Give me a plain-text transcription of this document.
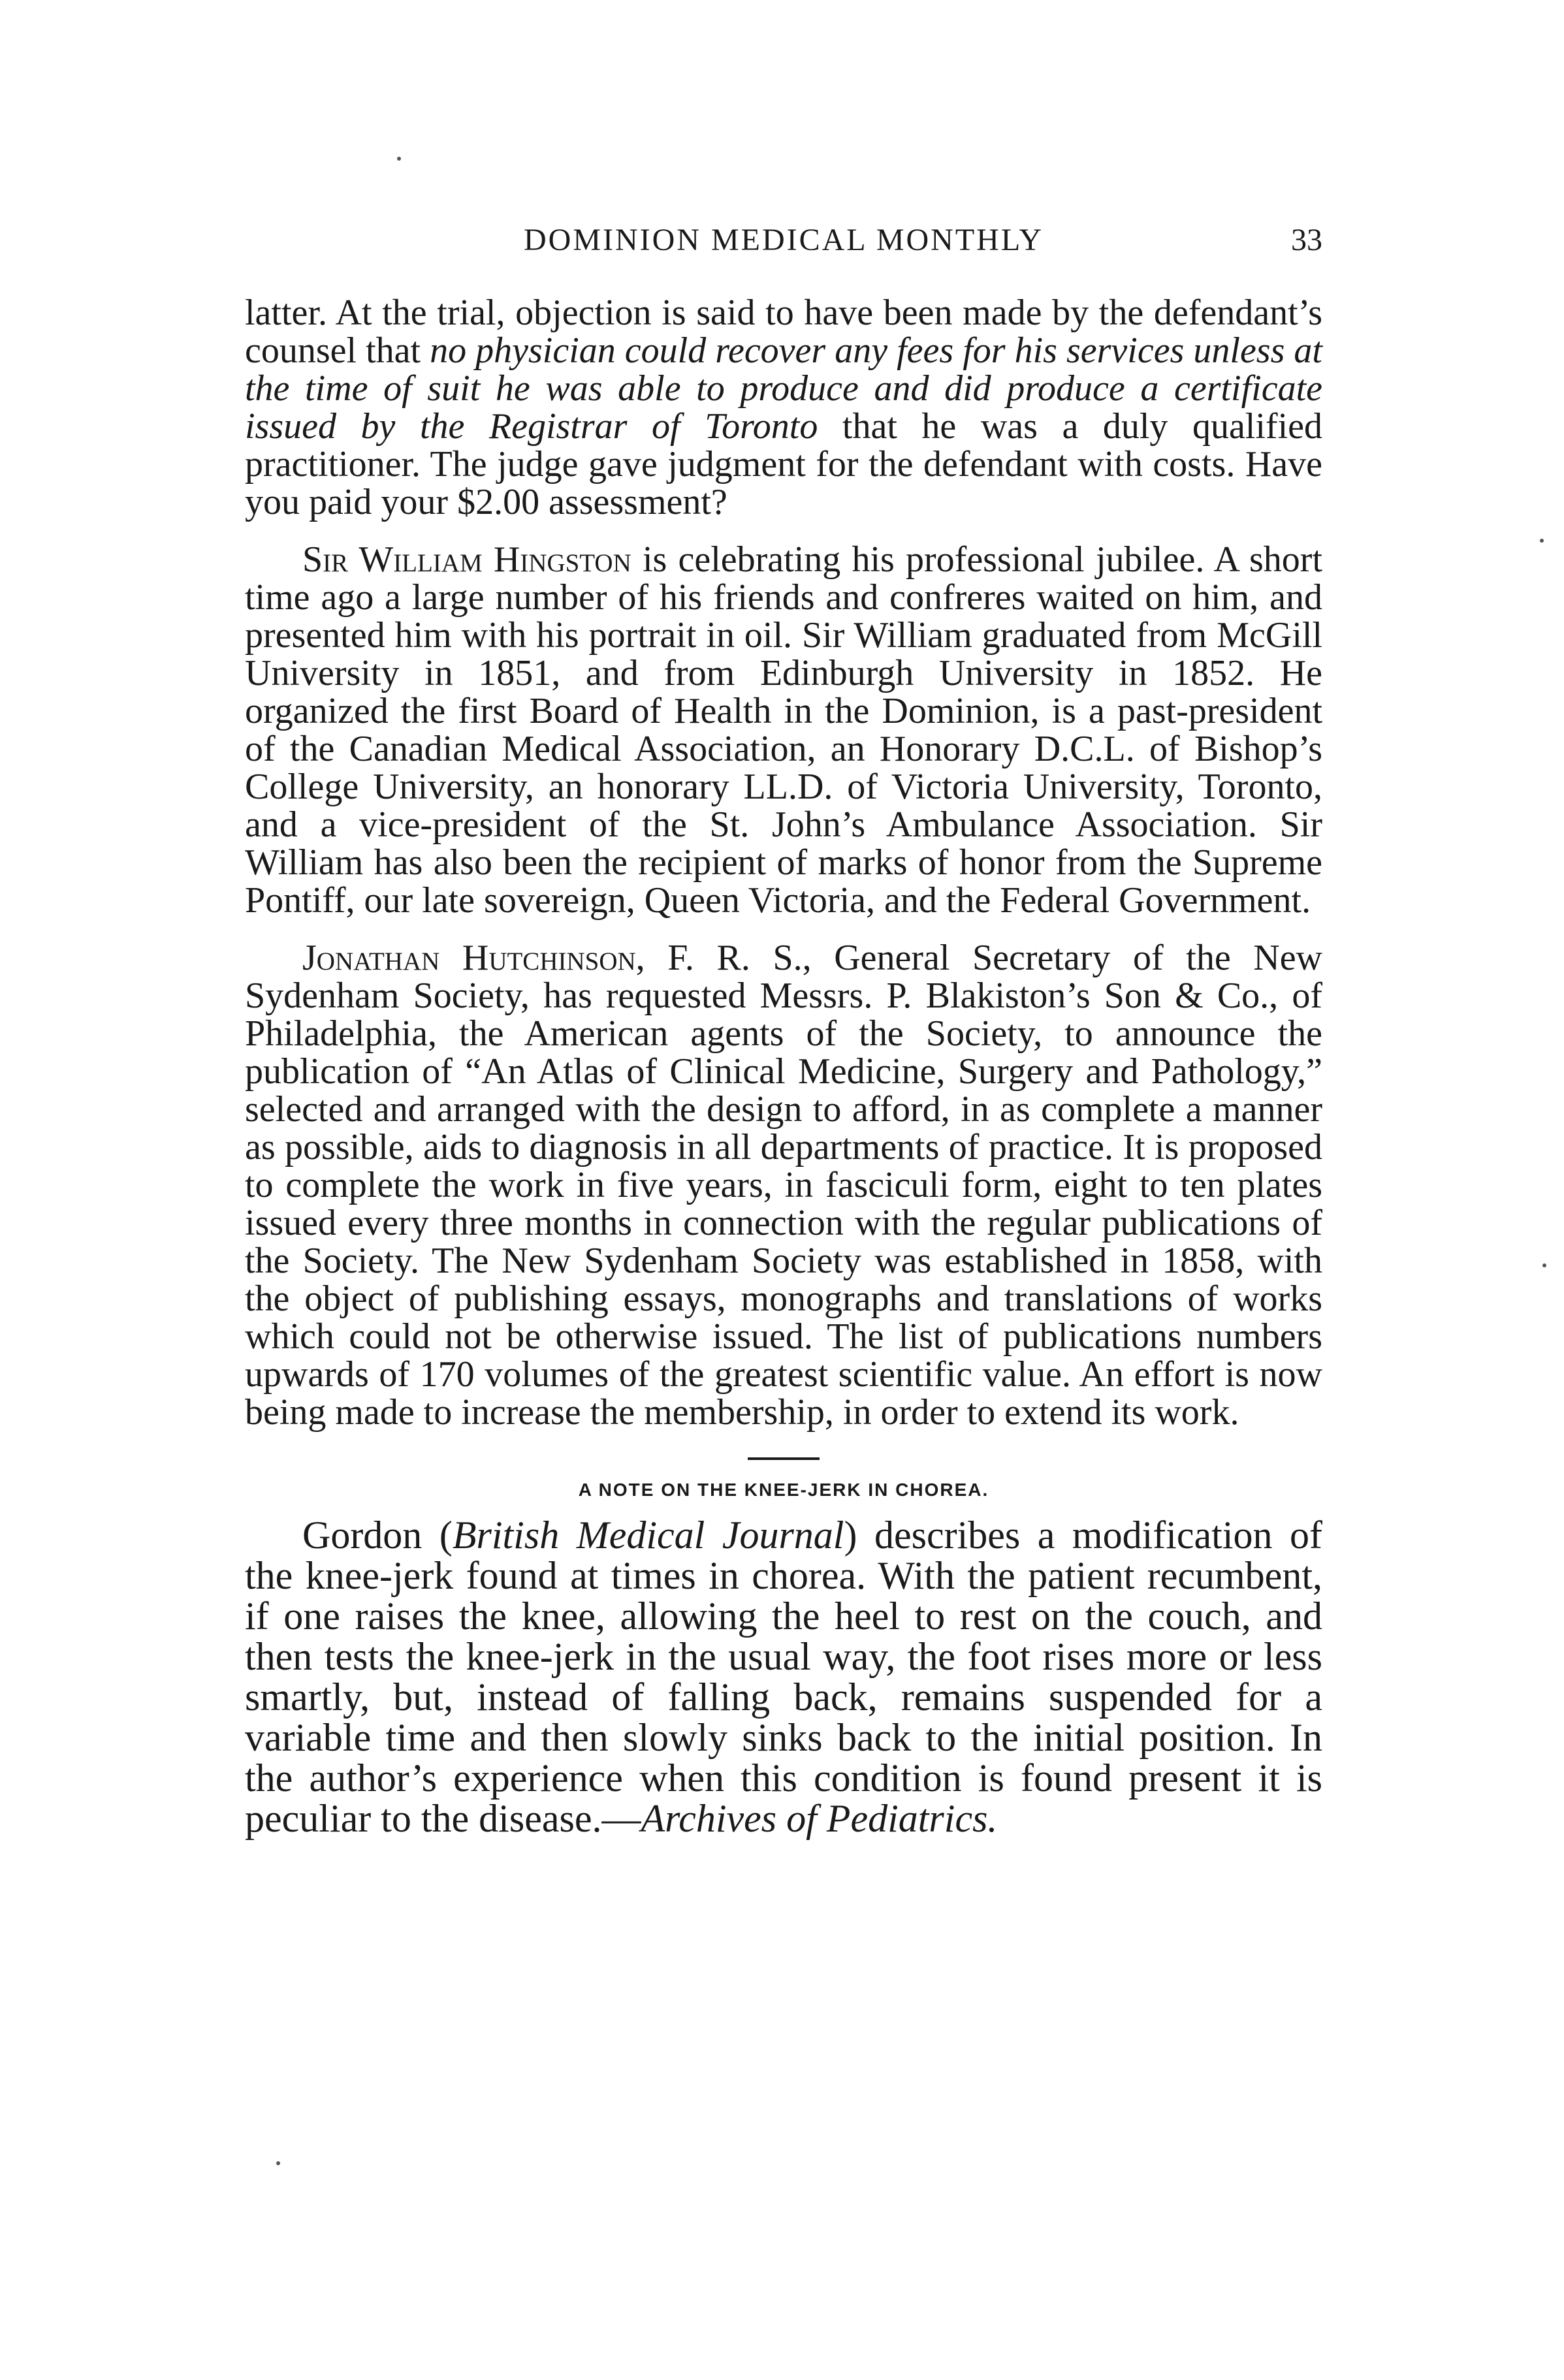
DOMINION MEDICAL MONTHLY	33

latter. At the trial, objection is said to have been made by the defendant’s counsel that no physician could recover any fees for his services unless at the time of suit he was able to produce and did produce a certificate issued by the Registrar of Toronto that he was a duly qualified practitioner. The judge gave judgment for the defendant with costs. Have you paid your $2.00 assessment?

Sir William Hingston is celebrating his professional jubilee. A short time ago a large number of his friends and confreres waited on him, and presented him with his portrait in oil. Sir William graduated from McGill University in 1851, and from Edinburgh University in 1852. He organized the first Board of Health in the Dominion, is a past-president of the Canadian Medical Association, an Honorary D.C.L. of Bishop’s College University, an honorary LL.D. of Victoria University, Toronto, and a vice-president of the St. John’s Ambulance Association. Sir William has also been the recipient of marks of honor from the Supreme Pontiff, our late sovereign, Queen Victoria, and the Federal Government.

Jonathan Hutchinson, F. R. S., General Secretary of the New Sydenham Society, has requested Messrs. P. Blakiston’s Son & Co., of Philadelphia, the American agents of the Society, to announce the publication of “An Atlas of Clinical Medicine, Surgery and Pathology,” selected and arranged with the design to afford, in as complete a manner as possible, aids to diagnosis in all departments of practice. It is proposed to complete the work in five years, in fasciculi form, eight to ten plates issued every three months in connection with the regular publications of the Society. The New Sydenham Society was established in 1858, with the object of publishing essays, monographs and translations of works which could not be otherwise issued. The list of publications numbers upwards of 170 volumes of the greatest scientific value. An effort is now being made to increase the membership, in order to extend its work.

A NOTE ON THE KNEE-JERK IN CHOREA.

Gordon (British Medical Journal) describes a modification of the knee-jerk found at times in chorea. With the patient recumbent, if one raises the knee, allowing the heel to rest on the couch, and then tests the knee-jerk in the usual way, the foot rises more or less smartly, but, instead of falling back, remains suspended for a variable time and then slowly sinks back to the initial position. In the author’s experience when this condition is found present it is peculiar to the disease.—Archives of Pediatrics.
